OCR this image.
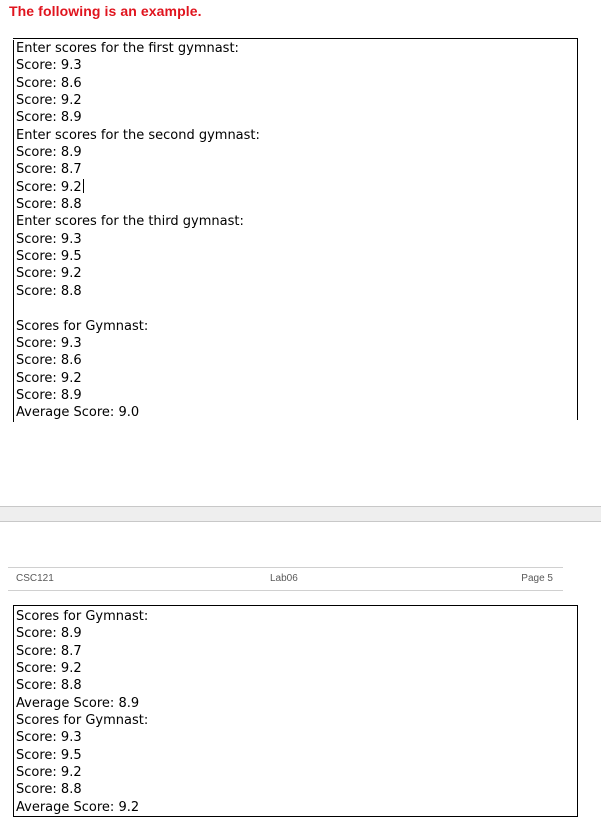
The following is an example.
Enter scores for the first gymnast:
Score: 9.3
Score: 8.6
Score: 9.2
Score: 8.9
Enter scores for the second gymnast:
Score: 8.9
Score: 8.7
Score: 9.2
Score: 8.8
Enter scores for the third gymnast:
Score: 9.3
Score: 9.5
Score: 9.2
Score: 8.8
Scores for Gymnast:
Score: 9.3
Score: 8.6
Score: 9.2
Score: 8.9
Average Score: 9.0
CSC121	Lab06	Page 5
Scores for Gymnast:
Score: 8.9
Score: 8.7
Score: 9.2
Score: 8.8
Average Score: 8.9
Scores for Gymnast:
Score: 9.3
Score: 9.5
Score: 9.2
Score: 8.8
Average Score: 9.2
